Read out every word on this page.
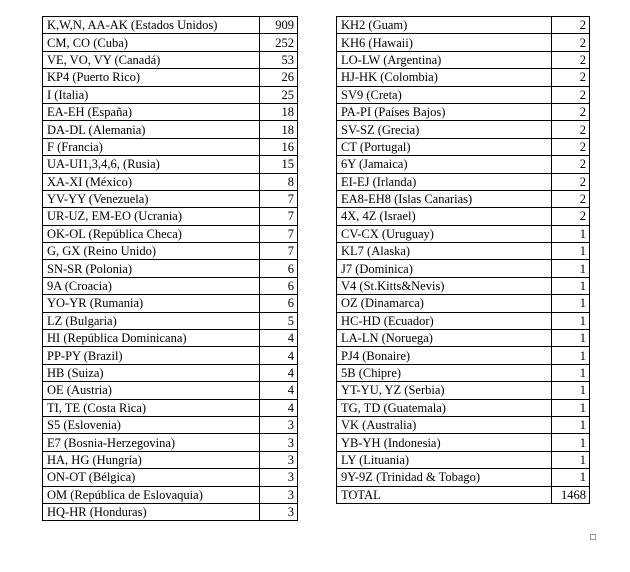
K,W,N, AA-AK (Estados Unidos)	909
CM, CO (Cuba)	252
VE, VO, VY (Canadá)	53
KP4 (Puerto Rico)	26
I (Italia)	25
EA-EH (España)	18
DA-DL (Alemania)	18
F (Francia)	16
UA-UI1,3,4,6, (Rusia)	15
XA-XI (México)	8
YV-YY (Venezuela)	7
UR-UZ, EM-EO (Ucrania)	7
OK-OL (República Checa)	7
G, GX (Reino Unido)	7
SN-SR (Polonia)	6
9A (Croacia)	6
YO-YR (Rumania)	6
LZ (Bulgaria)	5
HI (República Dominicana)	4
PP-PY (Brazil)	4
HB (Suiza)	4
OE (Austria)	4
TI, TE (Costa Rica)	4
S5 (Eslovenia)	3
E7 (Bosnia-Herzegovina)	3
HA, HG (Hungría)	3
ON-OT (Bélgica)	3
OM (República de Eslovaquia)	3
HQ-HR (Honduras)	3
KH2 (Guam)	2
KH6 (Hawaii)	2
LO-LW (Argentina)	2
HJ-HK (Colombia)	2
SV9 (Creta)	2
PA-PI (Países Bajos)	2
SV-SZ (Grecia)	2
CT (Portugal)	2
6Y (Jamaica)	2
EI-EJ (Irlanda)	2
EA8-EH8 (Islas Canarias)	2
4X, 4Z (Israel)	2
CV-CX (Uruguay)	1
KL7 (Alaska)	1
J7 (Dominica)	1
V4 (St.Kitts&Nevis)	1
OZ (Dinamarca)	1
HC-HD (Ecuador)	1
LA-LN (Noruega)	1
PJ4 (Bonaire)	1
5B (Chipre)	1
YT-YU, YZ (Serbia)	1
TG, TD (Guatemala)	1
VK (Australia)	1
YB-YH (Indonesia)	1
LY (Lituania)	1
9Y-9Z (Trinidad & Tobago)	1
TOTAL	1468
